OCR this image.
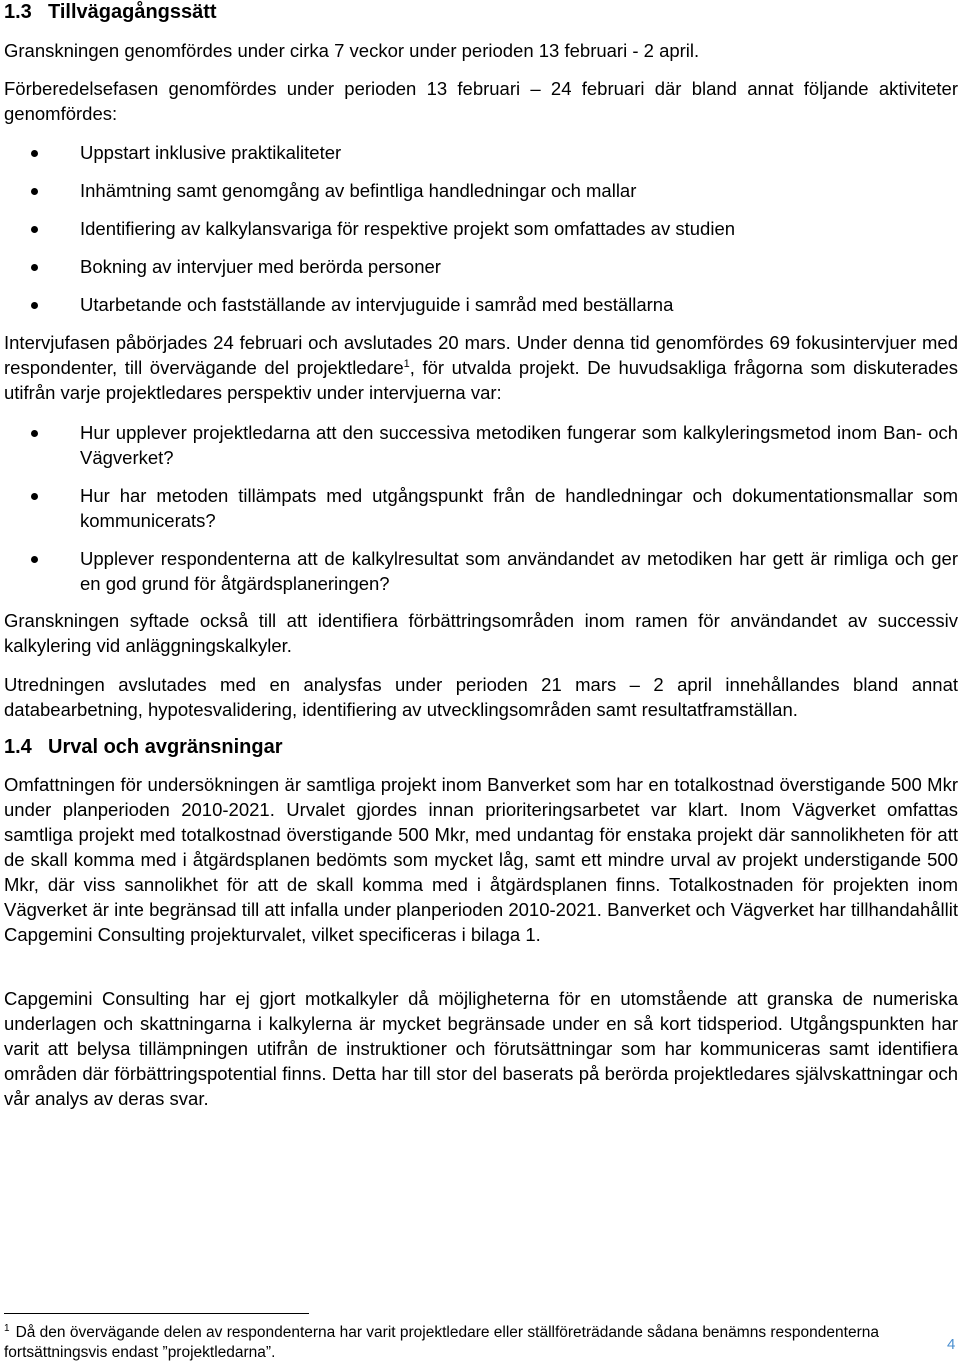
1.3 Tillvägagångssätt

Granskningen genomfördes under cirka 7 veckor under perioden 13 februari - 2 april.

Förberedelsefasen genomfördes under perioden 13 februari – 24 februari där bland annat följande aktiviteter genomfördes:

Uppstart inklusive praktikaliteter
Inhämtning samt genomgång av befintliga handledningar och mallar
Identifiering av kalkylansvariga för respektive projekt som omfattades av studien
Bokning av intervjuer med berörda personer
Utarbetande och fastställande av intervjuguide i samråd med beställarna

Intervjufasen påbörjades 24 februari och avslutades 20 mars. Under denna tid genomfördes 69 fokusintervjuer med respondenter, till övervägande del projektledare$^1$, för utvalda projekt. De huvudsakliga frågorna som diskuterades utifrån varje projektledares perspektiv under intervjuerna var:

Hur upplever projektledarna att den successiva metodiken fungerar som kalkyleringsmetod inom Ban- och Vägverket?
Hur har metoden tillämpats med utgångspunkt från de handledningar och dokumentationsmallar som kommunicerats?
Upplever respondenterna att de kalkylresultat som användandet av metodiken har gett är rimliga och ger en god grund för åtgärdsplaneringen?

Granskningen syftade också till att identifiera förbättringsområden inom ramen för användandet av successiv kalkylering vid anläggningskalkyler.

Utredningen avslutades med en analysfas under perioden 21 mars – 2 april innehållandes bland annat databearbetning, hypotesvalidering, identifiering av utvecklingsområden samt resultatframställan.

1.4 Urval och avgränsningar

Omfattningen för undersökningen är samtliga projekt inom Banverket som har en totalkostnad överstigande 500 Mkr under planperioden 2010-2021. Urvalet gjordes innan prioriteringsarbetet var klart. Inom Vägverket omfattas samtliga projekt med totalkostnad överstigande 500 Mkr, med undantag för enstaka projekt där sannolikheten för att de skall komma med i åtgärdsplanen bedömts som mycket låg, samt ett mindre urval av projekt understigande 500 Mkr, där viss sannolikhet för att de skall komma med i åtgärdsplanen finns. Totalkostnaden för projekten inom Vägverket är inte begränsad till att infalla under planperioden 2010-2021. Banverket och Vägverket har tillhandahållit Capgemini Consulting projekturvalet, vilket specificeras i bilaga 1.

Capgemini Consulting har ej gjort motkalkyler då möjligheterna för en utomstående att granska de numeriska underlagen och skattningarna i kalkylerna är mycket begränsade under en så kort tidsperiod. Utgångspunkten har varit att belysa tillämpningen utifrån de instruktioner och förutsättningar som har kommuniceras samt identifiera områden där förbättringspotential finns. Detta har till stor del baserats på berörda projektledares självskattningar och vår analys av deras svar.

$^1$ Då den övervägande delen av respondenterna har varit projektledare eller ställföreträdande sådana benämns respondenterna fortsättningsvis endast ”projektledarna”.	4
